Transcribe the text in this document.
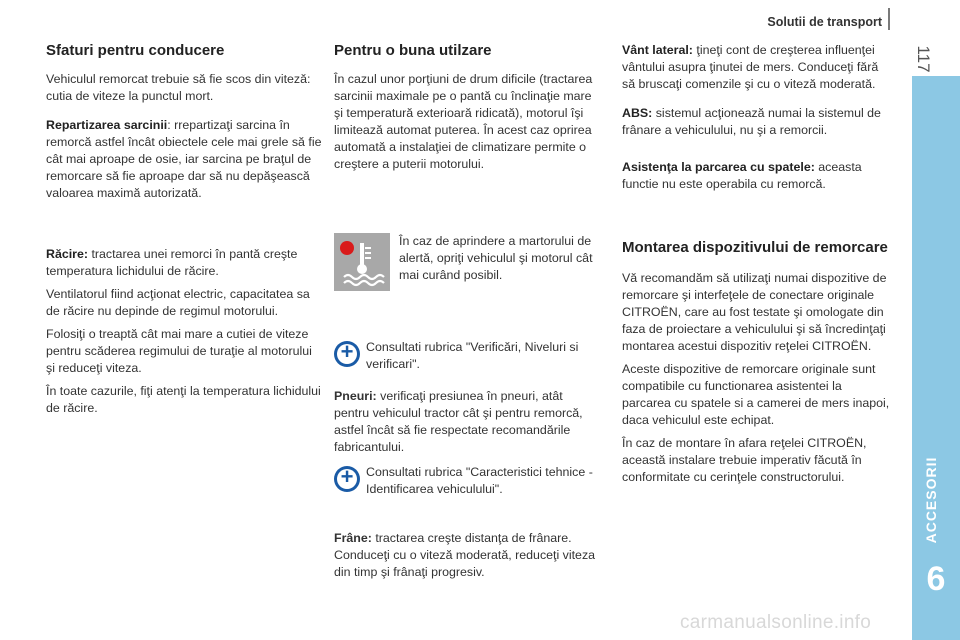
Solutii de transport
117
ACCESORII
6
Sfaturi pentru conducere

Vehiculul remorcat trebuie să fie scos din viteză: cutia de viteze la punctul mort.

Repartizarea sarcinii: rrepartizaţi sarcina în remorcă astfel încât obiectele cele mai grele să fie cât mai aproape de osie, iar sarcina pe braţul de remorcare să fie aproape dar să nu depăşească valoarea maximă autorizată.

Răcire: tractarea unei remorci în pantă creşte temperatura lichidului de răcire.

Ventilatorul fiind acţionat electric, capacitatea sa de răcire nu depinde de regimul motorului.

Folosiţi o treaptă cât mai mare a cutiei de viteze pentru scăderea regimului de turaţie al motorului şi reduceţi viteza.

În toate cazurile, fiţi atenţi la temperatura lichidului de răcire.

Pentru o buna utilzare

În cazul unor porţiuni de drum dificile (tractarea sarcinii maximale pe o pantă cu înclinaţie mare şi temperatură exterioară ridicată), motorul îşi limitează automat puterea. În acest caz oprirea automată a instalaţiei de climatizare permite o creştere a puterii motorului.

În caz de aprindere a martorului de alertă, opriţi vehiculul şi motorul cât mai curând posibil.
+
Consultati rubrica "Verificări, Niveluri si verificari".
Pneuri: verificaţi presiunea în pneuri, atât pentru vehiculul tractor cât şi pentru remorcă, astfel încât să fie respectate recomandările fabricantului.
+
Consultati rubrica "Caracteristici tehnice - Identificarea vehiculului".
Frâne: tractarea creşte distanţa de frânare. Conduceţi cu o viteză moderată, reduceţi viteza din timp şi frânaţi progresiv.

Vânt lateral: ţineţi cont de creşterea influenţei vântului asupra ţinutei de mers. Conduceţi fără să bruscaţi comenzile şi cu o viteză moderată.

ABS: sistemul acţionează numai la sistemul de frânare a vehiculului, nu şi a remorcii.

Asistenţa la parcarea cu spatele: aceasta functie nu este operabila cu remorcă.

Montarea dispozitivului de remorcare

Vă recomandăm să utilizaţi numai dispozitive de remorcare şi interfeţele de conectare originale CITROËN, care au fost testate şi omologate din faza de proiectare a vehiculului şi să încredinţaţi montarea acestui dispozitiv reţelei CITROËN.

Aceste dispozitive de remorcare originale sunt compatibile cu functionarea asistentei la parcarea cu spatele si a camerei de mers inapoi, daca vehiculul este echipat.

În caz de montare în afara reţelei CITROËN, această instalare trebuie imperativ făcută în conformitate cu cerinţele constructorului.

carmanualsonline.info
